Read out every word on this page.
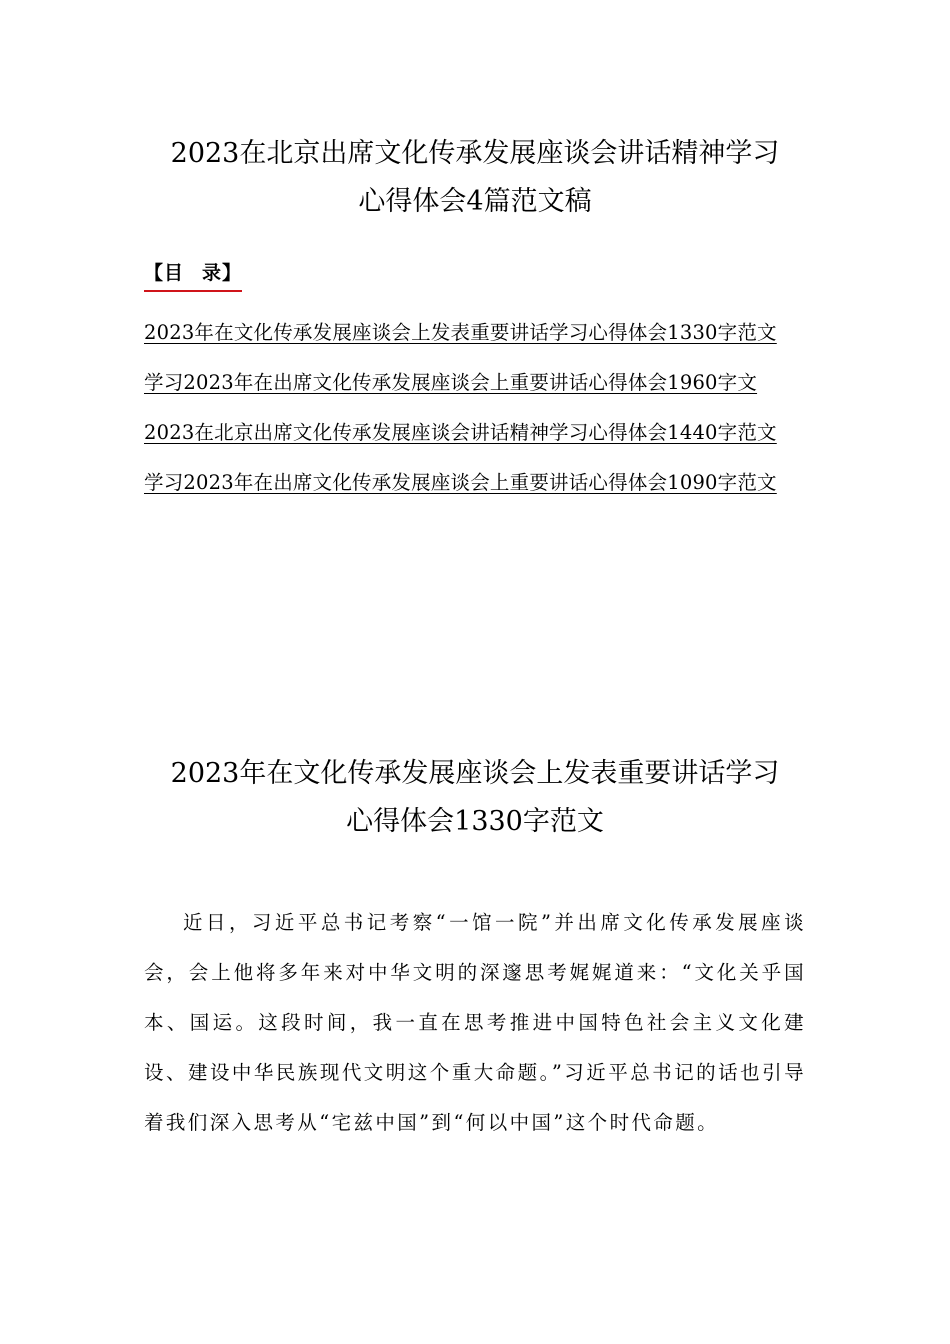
2023在北京出席文化传承发展座谈会讲话精神学习
心得体会4篇范文稿
【目 录】
2023年在文化传承发展座谈会上发表重要讲话学习心得体会1330字范文
学习2023年在出席文化传承发展座谈会上重要讲话心得体会1960字文
2023在北京出席文化传承发展座谈会讲话精神学习心得体会1440字范文
学习2023年在出席文化传承发展座谈会上重要讲话心得体会1090字范文
2023年在文化传承发展座谈会上发表重要讲话学习
心得体会1330字范文

近日，习近平总书记考察“一馆一院”并出席文化传承发展座谈会，会上他将多年来对中华文明的深邃思考娓娓道来：“文化关乎国本、国运。这段时间，我一直在思考推进中国特色社会主义文化建设、建设中华民族现代文明这个重大命题。”习近平总书记的话也引导着我们深入思考从“宅兹中国”到“何以中国”这个时代命题。
